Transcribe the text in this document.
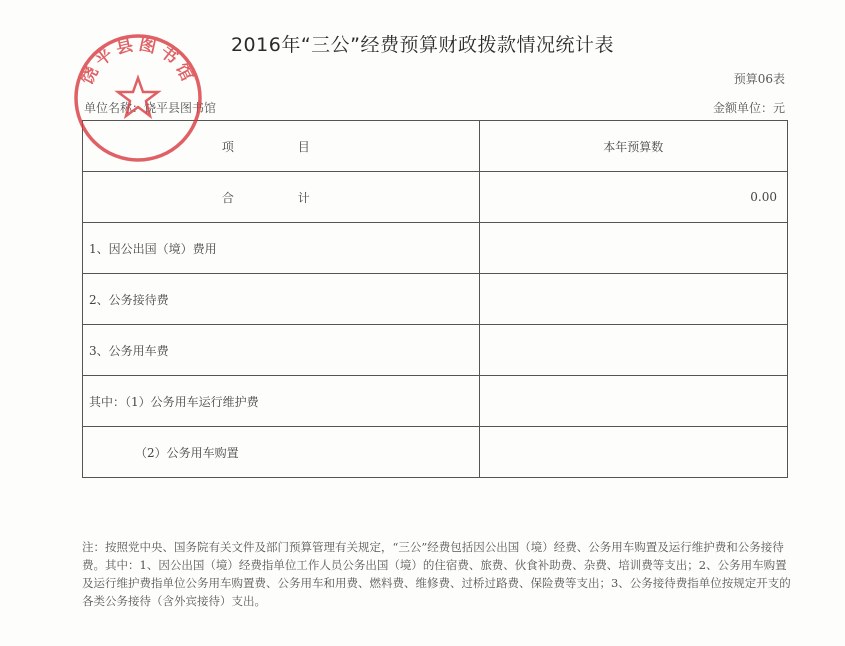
2016年“三公”经费预算财政拨款情况统计表
预算06表
单位名称：饶平县图书馆	金额单位：元
项 目	本年预算数
合 计	0.00
1、因公出国（境）费用	
2、公务接待费	
3、公务用车费	
其中：（1）公务用车运行维护费	
（2）公务用车购置	
注：按照党中央、国务院有关文件及部门预算管理有关规定，“三公”经费包括因公出国（境）经费、公务用车购置及运行维护费和公务接待费。其中：1、因公出国（境）经费指单位工作人员公务出国（境）的住宿费、旅费、伙食补助费、杂费、培训费等支出；2、公务用车购置及运行维护费指单位公务用车购置费、公务用车和用费、燃料费、维修费、过桥过路费、保险费等支出；3、公务接待费指单位按规定开支的各类公务接待（含外宾接待）支出。
饶平县图书馆
